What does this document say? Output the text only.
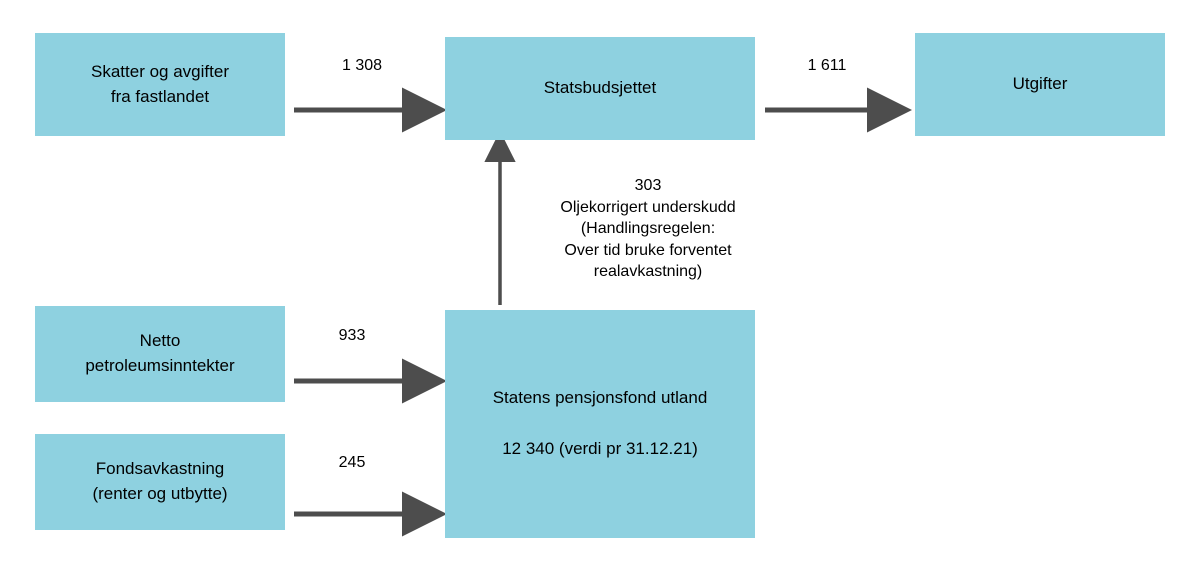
Skatter og avgifter
fra fastlandet	Statsbudsjettet	Utgifter
Netto
petroleumsinntekter
Fondsavkastning
(renter og utbytte)
Statens pensjonsfond utland
12 340 (verdi pr 31.12.21)
1 308	1 611
933
245
303
Oljekorrigert underskudd
(Handlingsregelen:
Over tid bruke forventet
realavkastning)
